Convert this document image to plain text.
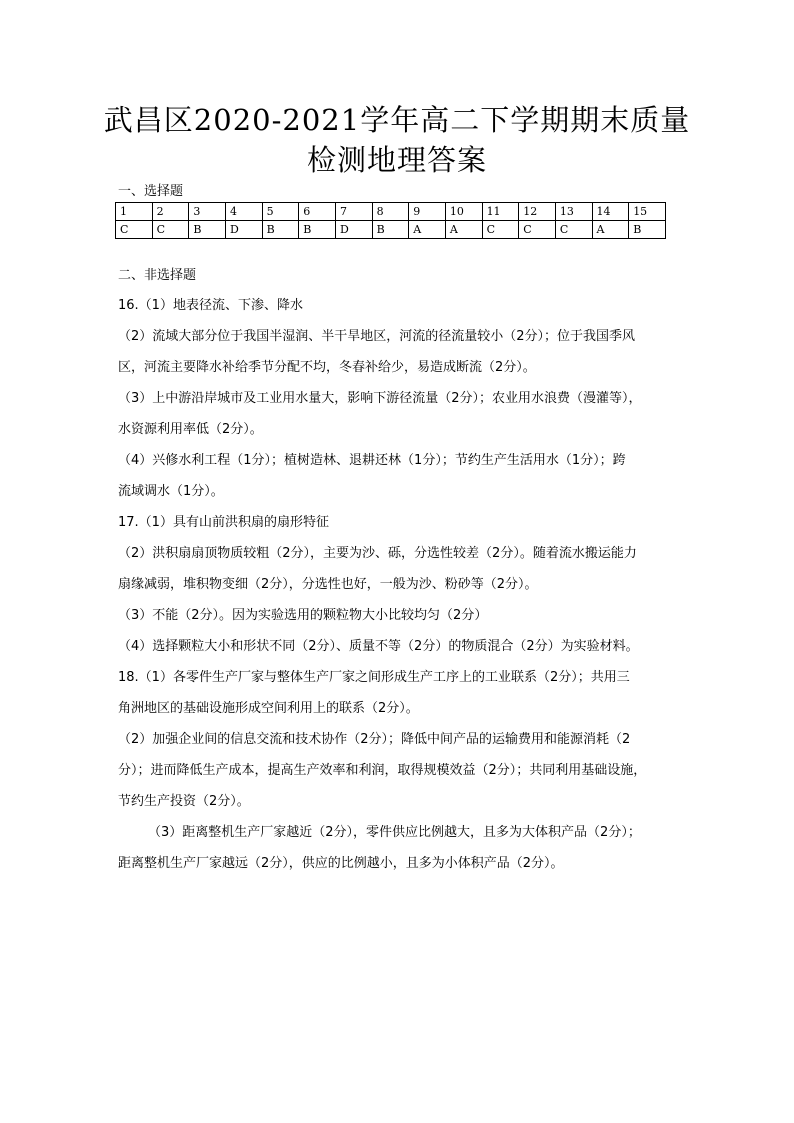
武昌区2020-2021学年高二下学期期末质量
检测地理答案
一、选择题
1	2	3	4	5	6	7	8	9	10	11	12	13	14	15
C	C	B	D	B	B	D	B	A	A	C	C	C	A	B
二、非选择题

16.（1）地表径流、下渗、降水

（2）流域大部分位于我国半湿润、半干旱地区，河流的径流量较小（2分）；位于我国季风

区，河流主要降水补给季节分配不均，冬春补给少，易造成断流（2分）。

（3）上中游沿岸城市及工业用水量大，影响下游径流量（2分）；农业用水浪费（漫灌等），

水资源利用率低（2分）。

（4）兴修水利工程（1分）；植树造林、退耕还林（1分）；节约生产生活用水（1分）；跨

流域调水（1分）。

17.（1）具有山前洪积扇的扇形特征

（2）洪积扇扇顶物质较粗（2分），主要为沙、砾，分选性较差（2分）。随着流水搬运能力

扇缘减弱，堆积物变细（2分），分选性也好，一般为沙、粉砂等（2分）。

（3）不能（2分）。因为实验选用的颗粒物大小比较均匀（2分）

（4）选择颗粒大小和形状不同（2分）、质量不等（2分）的物质混合（2分）为实验材料。

18.（1）各零件生产厂家与整体生产厂家之间形成生产工序上的工业联系（2分）；共用三

角洲地区的基础设施形成空间利用上的联系（2分）。

（2）加强企业间的信息交流和技术协作（2分）；降低中间产品的运输费用和能源消耗（2

分）；进而降低生产成本，提高生产效率和利润，取得规模效益（2分）；共同利用基础设施，

节约生产投资（2分）。

（3）距离整机生产厂家越近（2分），零件供应比例越大，且多为大体积产品（2分）；

距离整机生产厂家越远（2分），供应的比例越小，且多为小体积产品（2分）。
